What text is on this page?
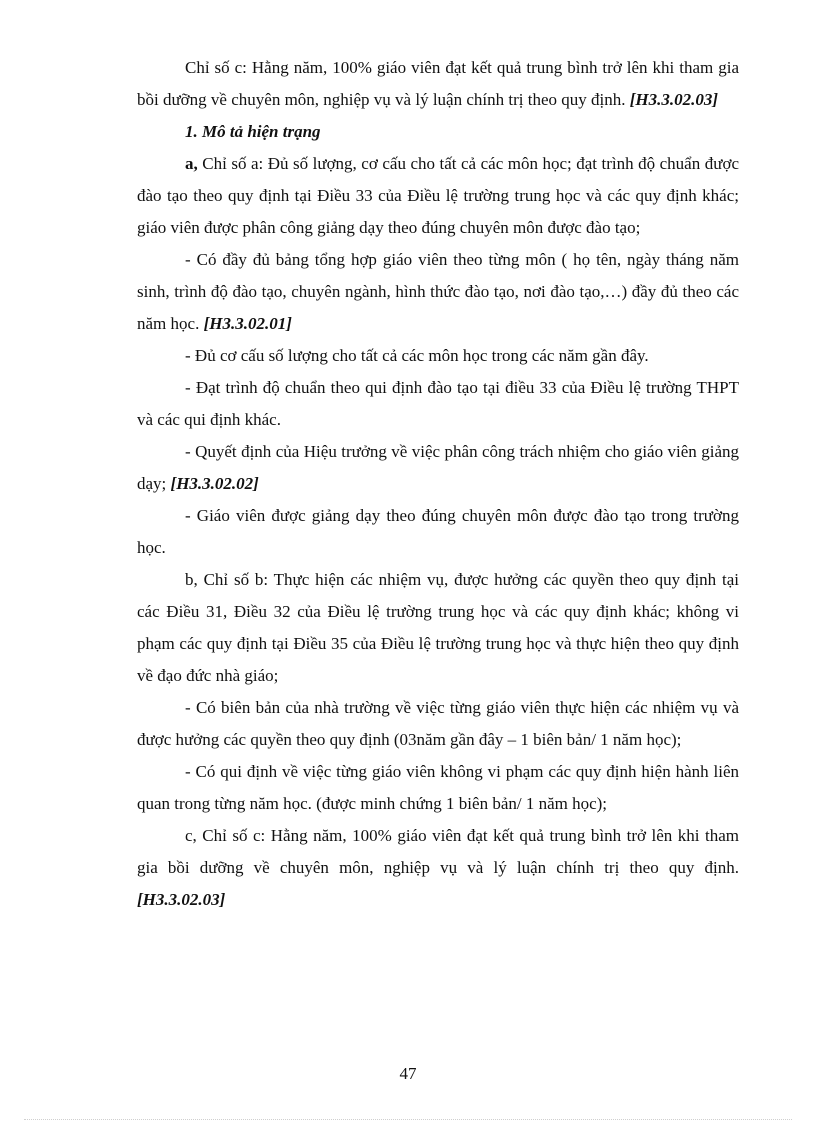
Chỉ số c: Hằng năm, 100% giáo viên đạt kết quả trung bình trở lên khi tham gia bồi dưỡng về chuyên môn, nghiệp vụ và lý luận chính trị theo quy định. [H3.3.02.03]

1. Mô tả hiện trạng

a, Chỉ số a: Đủ số lượng, cơ cấu cho tất cả các môn học; đạt trình độ chuẩn được đào tạo theo quy định tại Điều 33 của Điều lệ trường trung học và các quy định khác; giáo viên được phân công giảng dạy theo đúng chuyên môn được đào tạo;

- Có đầy đủ bảng tổng hợp giáo viên theo từng môn ( họ tên, ngày tháng năm sinh, trình độ đào tạo, chuyên ngành, hình thức đào tạo, nơi đào tạo,…) đầy đủ theo các năm học. [H3.3.02.01]

- Đủ cơ cấu số lượng cho tất cả các môn học trong các năm gần đây.

- Đạt trình độ chuẩn theo qui định đào tạo tại điều 33 của Điều lệ trường THPT và các qui định khác.

- Quyết định của Hiệu trưởng về việc phân công trách nhiệm cho giáo viên giảng dạy; [H3.3.02.02]

- Giáo viên được giảng dạy theo đúng chuyên môn được đào tạo trong trường học.

b, Chỉ số b: Thực hiện các nhiệm vụ, được hưởng các quyền theo quy định tại các Điều 31, Điều 32 của Điều lệ trường trung học và các quy định khác; không vi phạm các quy định tại Điều 35 của Điều lệ trường trung học và thực hiện theo quy định về đạo đức nhà giáo;

- Có biên bản của nhà trường về việc từng giáo viên thực hiện các nhiệm vụ và được hưởng các quyền theo quy định (03năm gần đây – 1 biên bản/ 1 năm học);

- Có qui định về việc từng giáo viên không vi phạm các quy định hiện hành liên quan trong từng năm học. (được minh chứng 1 biên bản/ 1 năm học);

c, Chỉ số c: Hằng năm, 100% giáo viên đạt kết quả trung bình trở lên khi tham gia bồi dưỡng về chuyên môn, nghiệp vụ và lý luận chính trị theo quy định. [H3.3.02.03]

47
